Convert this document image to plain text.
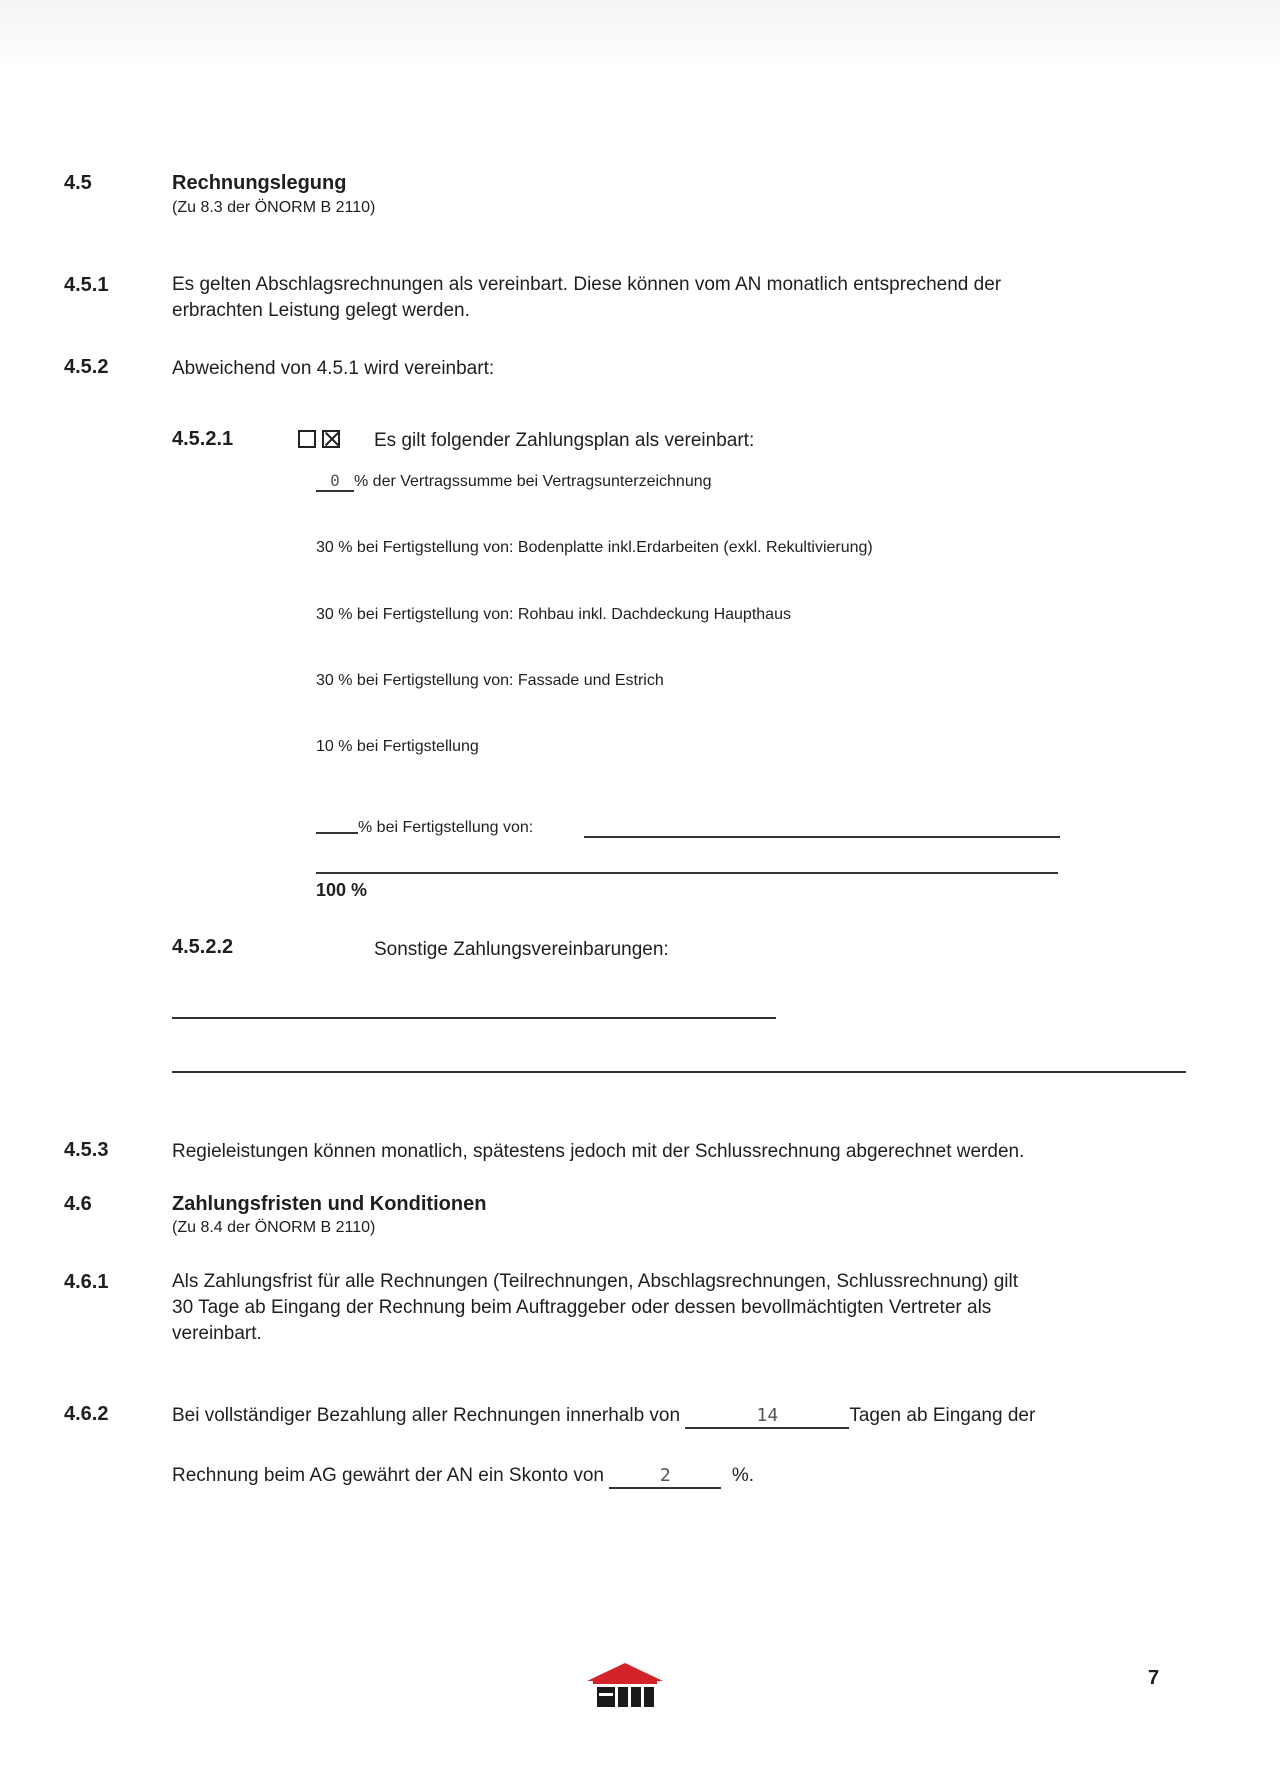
4.5	Rechnungslegung
(Zu 8.3 der ÖNORM B 2110)
4.5.1	Es gelten Abschlagsrechnungen als vereinbart. Diese können vom AN monatlich entsprechend der
erbrachten Leistung gelegt werden.
4.5.2	Abweichend von 4.5.1 wird vereinbart:
4.5.2.1
	Es gilt folgender Zahlungsplan als vereinbart:
0 % der Vertragssumme bei Vertragsunterzeichnung
30 % bei Fertigstellung von: Bodenplatte inkl.Erdarbeiten (exkl. Rekultivierung)
30 % bei Fertigstellung von: Rohbau inkl. Dachdeckung Haupthaus
30 % bei Fertigstellung von: Fassade und Estrich
10 % bei Fertigstellung
% bei Fertigstellung von:
100 %
4.5.2.2	Sonstige Zahlungsvereinbarungen:
4.5.3	Regieleistungen können monatlich, spätestens jedoch mit der Schlussrechnung abgerechnet werden.
4.6	Zahlungsfristen und Konditionen
(Zu 8.4 der ÖNORM B 2110)
4.6.1	Als Zahlungsfrist für alle Rechnungen (Teilrechnungen, Abschlagsrechnungen, Schlussrechnung) gilt
30 Tage ab Eingang der Rechnung beim Auftraggeber oder dessen bevollmächtigten Vertreter als
vereinbart.
4.6.2	Bei vollständiger Bezahlung aller Rechnungen innerhalb von	14	Tagen ab Eingang der
Rechnung beim AG gewährt der AN ein Skonto von	2	%.
7
